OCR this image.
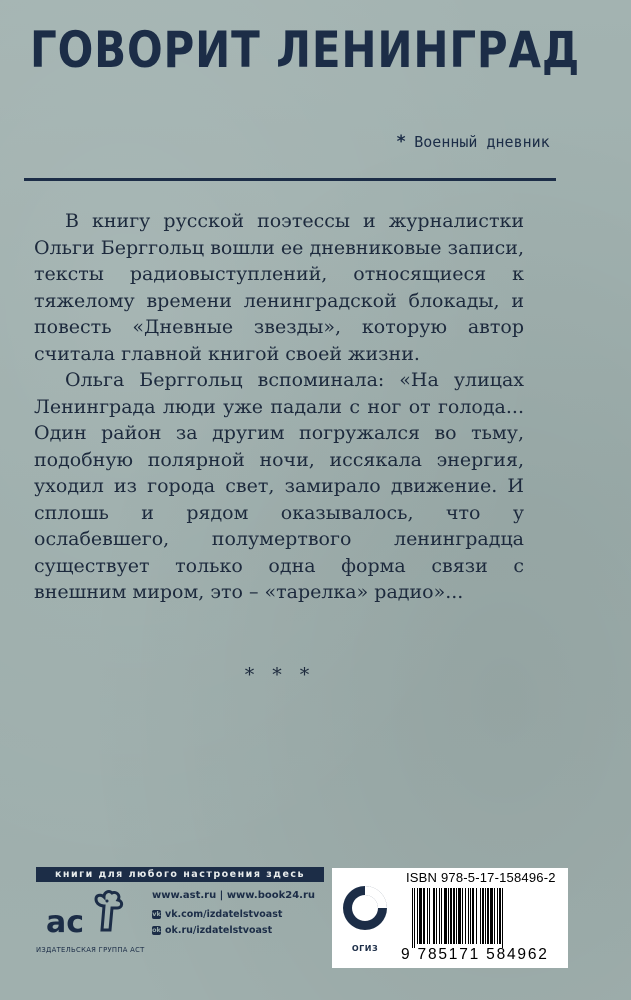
ГОВОРИТ ЛЕНИНГРАД
* Военный дневник

В книгу русской поэтессы и журналистки Ольги Берггольц вошли ее дневниковые записи, тексты радиовыступлений, относящиеся к тяжелому времени ленинградской блокады, и повесть «Дневные звезды», которую автор считала главной книгой своей жизни.

Ольга Берггольц вспоминала: «На улицах Ленинграда люди уже падали с ног от голода... Один район за другим погружался во тьму, подобную полярной ночи, иссякала энергия, уходил из города свет, замирало движение. И сплошь и рядом оказывалось, что у ослабевшего, полумертвого ленинградца существует только одна форма связи с внешним миром, это – «тарелка» радио»...

* * *
книги для любого настроения здесь
ас
ИЗДАТЕЛЬСКАЯ ГРУППА АСТ
www.ast.ru | www.book24.ru
vk vk.com/izdatelstvoast
ok ok.ru/izdatelstvoast
ОГИЗ
ISBN 978-5-17-158496-2
9 785171 584962
